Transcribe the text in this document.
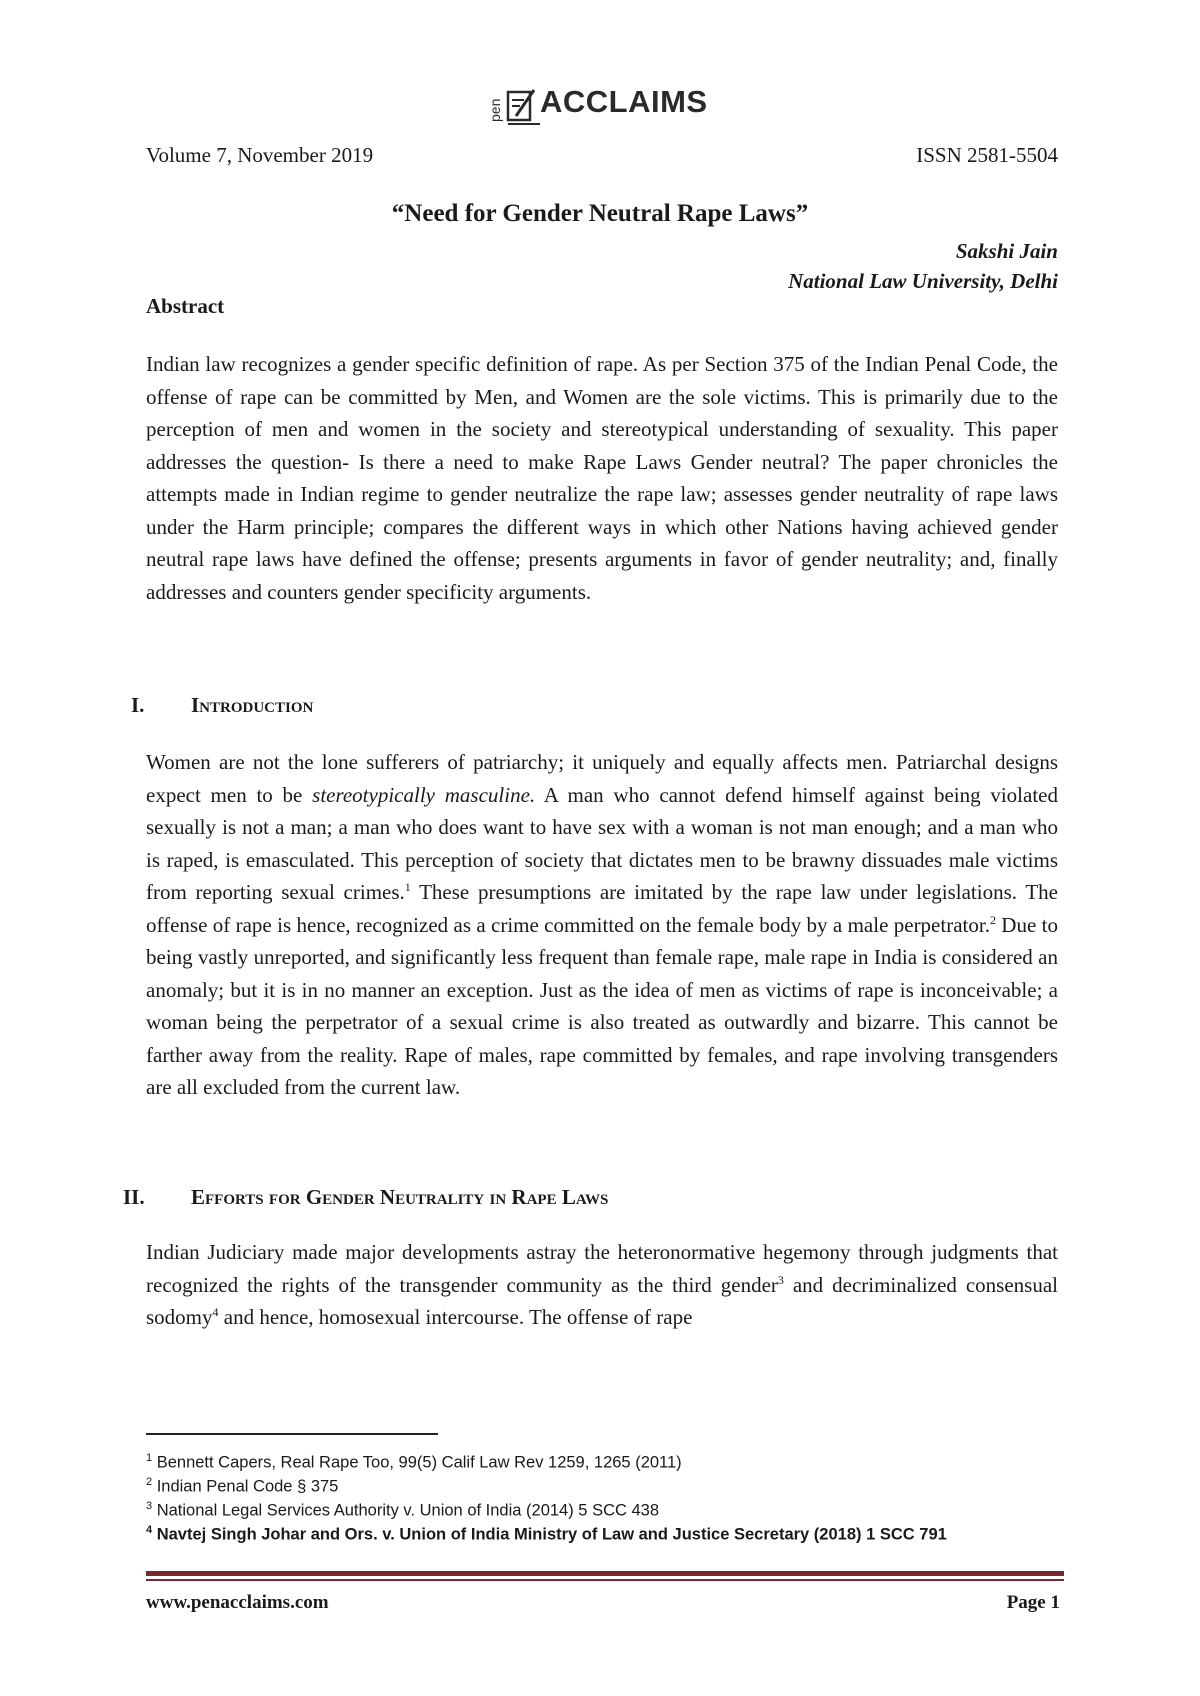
pen ACCLAIMS
Volume 7, November 2019	ISSN 2581-5504
“Need for Gender Neutral Rape Laws”
Sakshi Jain
National Law University, Delhi
Abstract

Indian law recognizes a gender specific definition of rape. As per Section 375 of the Indian Penal Code, the offense of rape can be committed by Men, and Women are the sole victims. This is primarily due to the perception of men and women in the society and stereotypical understanding of sexuality. This paper addresses the question- Is there a need to make Rape Laws Gender neutral? The paper chronicles the attempts made in Indian regime to gender neutralize the rape law; assesses gender neutrality of rape laws under the Harm principle; compares the different ways in which other Nations having achieved gender neutral rape laws have defined the offense; presents arguments in favor of gender neutrality; and, finally addresses and counters gender specificity arguments.

I. Introduction

Women are not the lone sufferers of patriarchy; it uniquely and equally affects men. Patriarchal designs expect men to be stereotypically masculine. A man who cannot defend himself against being violated sexually is not a man; a man who does want to have sex with a woman is not man enough; and a man who is raped, is emasculated. This perception of society that dictates men to be brawny dissuades male victims from reporting sexual crimes.$^1$ These presumptions are imitated by the rape law under legislations. The offense of rape is hence, recognized as a crime committed on the female body by a male perpetrator.$^2$ Due to being vastly unreported, and significantly less frequent than female rape, male rape in India is considered an anomaly; but it is in no manner an exception. Just as the idea of men as victims of rape is inconceivable; a woman being the perpetrator of a sexual crime is also treated as outwardly and bizarre. This cannot be farther away from the reality. Rape of males, rape committed by females, and rape involving transgenders are all excluded from the current law.

II. Efforts for Gender Neutrality in Rape Laws

Indian Judiciary made major developments astray the heteronormative hegemony through judgments that recognized the rights of the transgender community as the third gender$^3$ and decriminalized consensual sodomy$^4$ and hence, homosexual intercourse. The offense of rape

$^1$ Bennett Capers, Real Rape Too, 99(5) Calif Law Rev 1259, 1265 (2011)
$^2$ Indian Penal Code § 375
$^3$ National Legal Services Authority v. Union of India (2014) 5 SCC 438
$^4$ Navtej Singh Johar and Ors. v. Union of India Ministry of Law and Justice Secretary (2018) 1 SCC 791
www.penacclaims.com	Page 1
